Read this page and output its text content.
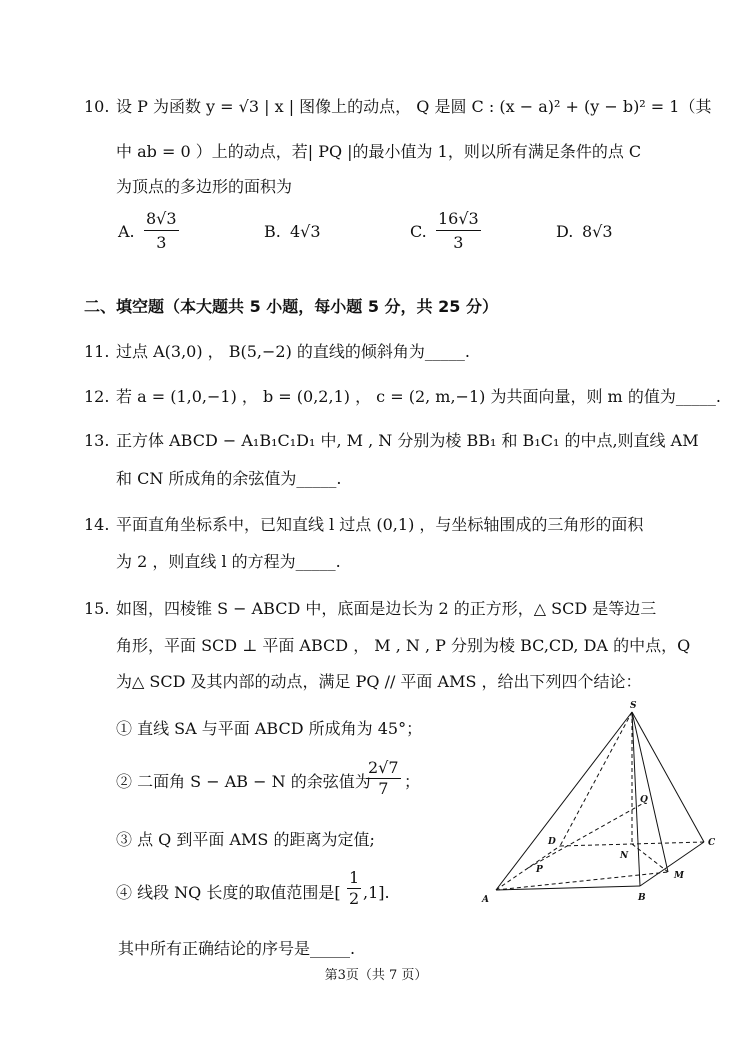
10. 设 P 为函数 y = √3 | x | 图像上的动点， Q 是圆 C : (x − a)² + (y − b)² = 1（其
中 ab = 0 ）上的动点，若| PQ |的最小值为 1，则以所有满足条件的点 C
为顶点的多边形的面积为
A. $\frac{8√3}{3}$	B. 4√3	C. $\frac{16√3}{3}$	D. 8√3
二、填空题（本大题共 5 小题，每小题 5 分，共 25 分）
11. 过点 A(3,0) ， B(5,−2) 的直线的倾斜角为_____.
12. 若 a = (1,0,−1) ， b = (0,2,1) ， c = (2, m,−1) 为共面向量，则 m 的值为_____.
13. 正方体 ABCD − A₁B₁C₁D₁ 中, M , N 分别为棱 BB₁ 和 B₁C₁ 的中点,则直线 AM
和 CN 所成角的余弦值为_____.
14. 平面直角坐标系中，已知直线 l 过点 (0,1) ，与坐标轴围成的三角形的面积
为 2 ，则直线 l 的方程为_____.
15. 如图，四棱锥 S − ABCD 中，底面是边长为 2 的正方形，△ SCD 是等边三
角形，平面 SCD ⊥ 平面 ABCD ， M , N , P 分别为棱 BC,CD, DA 的中点，Q
为△ SCD 及其内部的动点，满足 PQ // 平面 AMS ，给出下列四个结论：
① 直线 SA 与平面 ABCD 所成角为 45°；
② 二面角 S − AB − N 的余弦值为
$\frac{2√7}{7}$ ；
③ 点 Q 到平面 AMS 的距离为定值;
④ 线段 NQ 长度的取值范围是[ $\frac{1}{2} ,1$].
其中所有正确结论的序号是_____.
S
Q
D	C
N
P
M
A	B
第3页（共 7 页）
